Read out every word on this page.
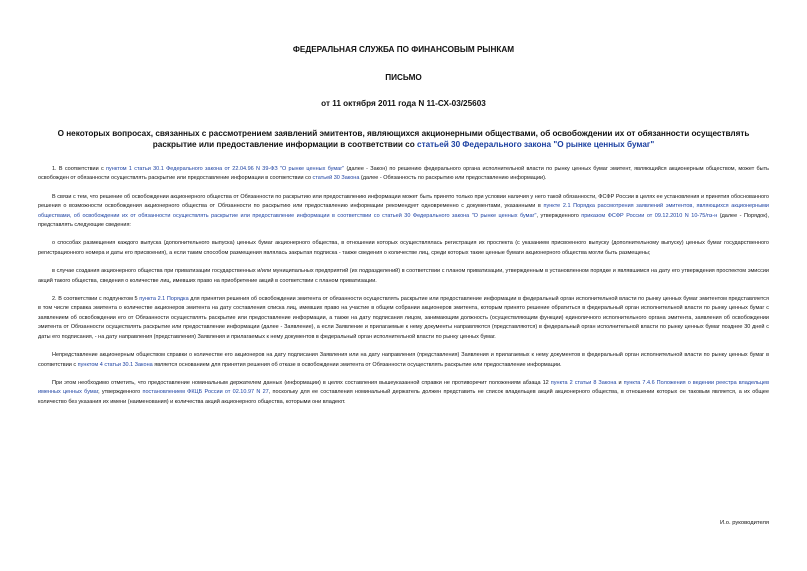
ФЕДЕРАЛЬНАЯ СЛУЖБА ПО ФИНАНСОВЫМ РЫНКАМ
ПИСЬМО
от 11 октября 2011 года N 11-СХ-03/25603
О некоторых вопросах, связанных с рассмотрением заявлений эмитентов, являющихся акционерными обществами, об освобождении их от обязанности осуществлять раскрытие или предоставление информации в соответствии со статьей 30 Федерального закона "О рынке ценных бумаг"

1. В соответствии с пунктом 1 статьи 30.1 Федерального закона от 22.04.96 N 39-ФЗ "О рынке ценных бумаг" (далее - Закон) по решению федерального органа исполнительной власти по рынку ценных бумаг эмитент, являющийся акционерным обществом, может быть освобожден от обязанности осуществлять раскрытие или предоставление информации в соответствии со статьей 30 Закона (далее - Обязанность по раскрытию или предоставлению информации).

В связи с тем, что решение об освобождении акционерного общества от Обязанности по раскрытию или предоставлению информации может быть принято только при условии наличия у него такой обязанности, ФСФР России в целях ее установления и принятия обоснованного решения о возможности освобождения акционерного общества от Обязанности по раскрытию или предоставлению информации рекомендует одновременно с документами, указанными в пункте 2.1 Порядка рассмотрения заявлений эмитентов, являющихся акционерными обществами, об освобождении их от обязанности осуществлять раскрытие или предоставление информации в соответствии со статьей 30 Федерального закона "О рынке ценных бумаг", утвержденного приказом ФСФР России от 09.12.2010 N 10-75/пз-н (далее - Порядок), представлять следующие сведения:

о способах размещения каждого выпуска (дополнительного выпуска) ценных бумаг акционерного общества, в отношении которых осуществлялась регистрация их проспекта (с указанием присвоенного выпуску (дополнительному выпуску) ценных бумаг государственного регистрационного номера и даты его присвоения), а если таким способом размещения являлась закрытая подписка - также сведения о количестве лиц, среди которых такие ценные бумаги акционерного общества могли быть размещены;

в случае создания акционерного общества при приватизации государственных и/или муниципальных предприятий (их подразделений) в соответствии с планом приватизации, утвержденным в установленном порядке и являвшимся на дату его утверждения проспектом эмиссии акций такого общества, сведения о количестве лиц, имевших право на приобретение акций в соответствии с планом приватизации.

2. В соответствии с подпунктом 5 пункта 2.1 Порядка для принятия решения об освобождении эмитента от обязанности осуществлять раскрытие или предоставление информации в федеральный орган исполнительной власти по рынку ценных бумаг эмитентом представляется в том числе справка эмитента о количестве акционеров эмитента на дату составления списка лиц, имевших право на участие в общем собрании акционеров эмитента, которым принято решение обратиться в федеральный орган исполнительной власти по рынку ценных бумаг с заявлением об освобождении его от Обязанности осуществлять раскрытие или предоставление информации, а также на дату подписания лицом, занимающим должность (осуществляющим функции) единоличного исполнительного органа эмитента, заявления об освобождении эмитента от Обязанности осуществлять раскрытие или предоставление информации (далее - Заявление), а если Заявление и прилагаемые к нему документы направляются (представляются) в федеральный орган исполнительной власти по рынку ценных бумаг позднее 30 дней с даты его подписания, - на дату направления (представления) Заявления и прилагаемых к нему документов в федеральный орган исполнительной власти по рынку ценных бумаг.

Непредставление акционерным обществом справки о количестве его акционеров на дату подписания Заявления или на дату направления (представления) Заявления и прилагаемых к нему документов в федеральный орган исполнительной власти по рынку ценных бумаг в соответствии с пунктом 4 статьи 30.1 Закона является основанием для принятия решения об отказе в освобождении эмитента от Обязанности осуществлять раскрытие или предоставление информации.

При этом необходимо отметить, что предоставление номинальным держателем данных (информации) в целях составления вышеуказанной справки не противоречит положениям абзаца 12 пункта 2 статьи 8 Закона и пункта 7.4.6 Положения о ведении реестра владельцев именных ценных бумаг, утвержденного постановлением ФКЦБ России от 02.10.97 N 27, поскольку для ее составления номинальный держатель должен представить не список владельцев акций акционерного общества, в отношении которых он таковым является, а их общее количество без указания их имени (наименования) и количества акций акционерного общества, которыми они владеют.

И.о. руководителя
